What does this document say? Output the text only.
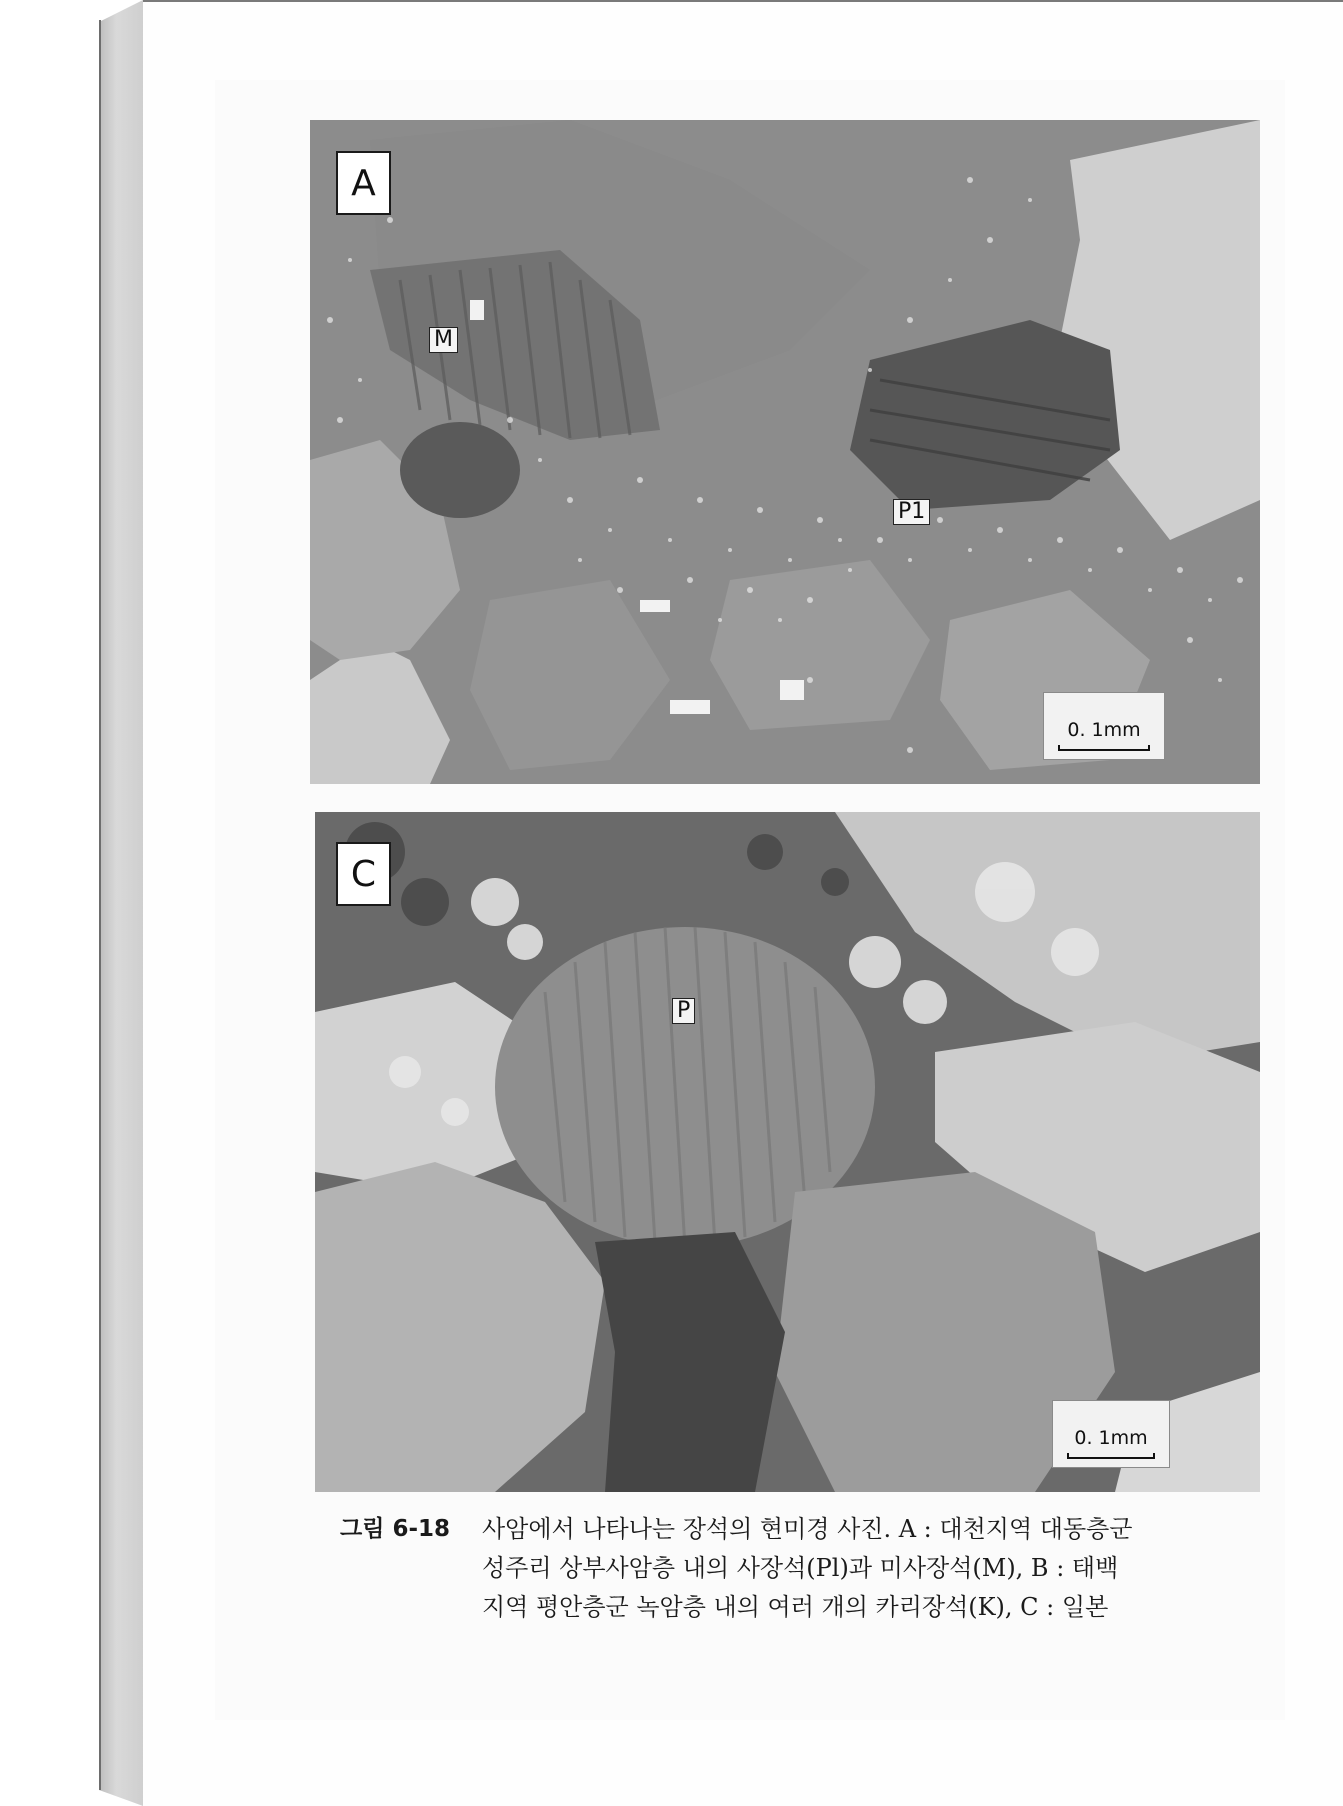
A
M
P1
0. 1mm
C
P
0. 1mm
그림 6-18	사암에서 나타나는 장석의 현미경 사진. A : 대천지역 대동층군
성주리 상부사암층 내의 사장석(Pl)과 미사장석(M), B : 태백
지역 평안층군 녹암층 내의 여러 개의 카리장석(K), C : 일본
